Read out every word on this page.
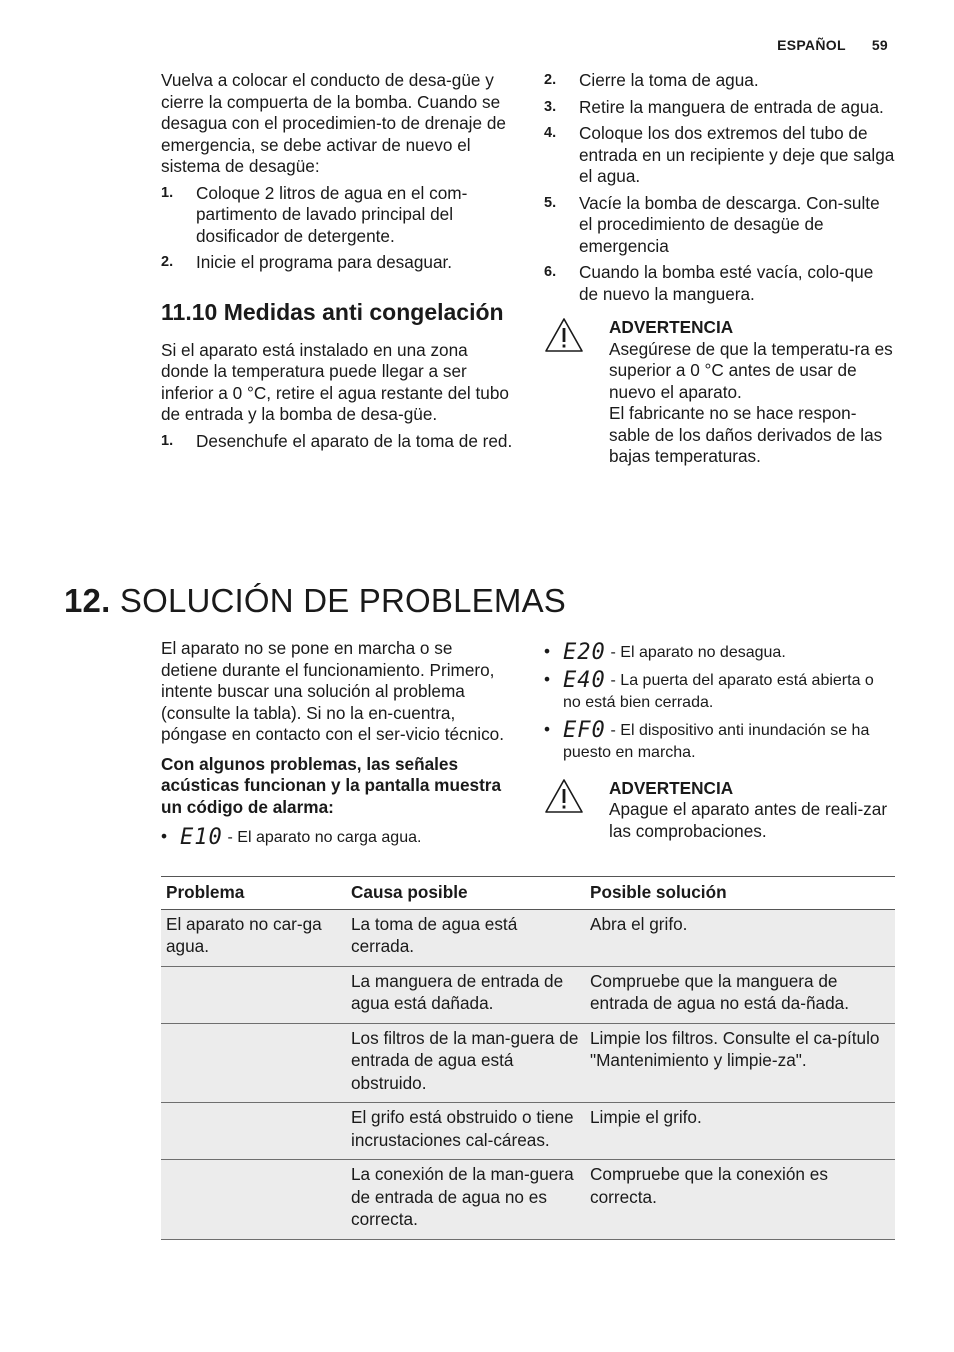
ESPAÑOL 59

Vuelva a colocar el conducto de desa-güe y cierre la compuerta de la bomba. Cuando se desagua con el procedimien-to de drenaje de emergencia, se debe activar de nuevo el sistema de desagüe:

1. Coloque 2 litros de agua en el com-partimento de lavado principal del dosificador de detergente.
2. Inicie el programa para desaguar.
11.10 Medidas anti congelación

Si el aparato está instalado en una zona donde la temperatura puede llegar a ser inferior a 0 °C, retire el agua restante del tubo de entrada y la bomba de desa-güe.

1. Desenchufe el aparato de la toma de red.
2. Cierre la toma de agua.
3. Retire la manguera de entrada de agua.
4. Coloque los dos extremos del tubo de entrada en un recipiente y deje que salga el agua.
5. Vacíe la bomba de descarga. Con-sulte el procedimiento de desagüe de emergencia
6. Cuando la bomba esté vacía, colo-que de nuevo la manguera.
ADVERTENCIA
Asegúrese de que la temperatu-ra es superior a 0 °C antes de usar de nuevo el aparato.
El fabricante no se hace respon-sable de los daños derivados de las bajas temperaturas.
12. SOLUCIÓN DE PROBLEMAS

El aparato no se pone en marcha o se detiene durante el funcionamiento. Primero, intente buscar una solución al problema (consulte la tabla). Si no la en-cuentra, póngase en contacto con el ser-vicio técnico.

Con algunos problemas, las señales acústicas funcionan y la pantalla muestra un código de alarma:

• E10 - El aparato no carga agua.
• E20 - El aparato no desagua.
• E40 - La puerta del aparato está abierta o no está bien cerrada.
• EF0 - El dispositivo anti inundación se ha puesto en marcha.
ADVERTENCIA
Apague el aparato antes de reali-zar las comprobaciones.
Problema	Causa posible	Posible solución
El aparato no car-ga agua.	La toma de agua está cerrada.	Abra el grifo.
	La manguera de entrada de agua está dañada.	Compruebe que la manguera de entrada de agua no está da-ñada.
	Los filtros de la man-guera de entrada de agua está obstruido.	Limpie los filtros. Consulte el ca-pítulo "Mantenimiento y limpie-za".
	El grifo está obstruido o tiene incrustaciones cal-cáreas.	Limpie el grifo.
	La conexión de la man-guera de entrada de agua no es correcta.	Compruebe que la conexión es correcta.
